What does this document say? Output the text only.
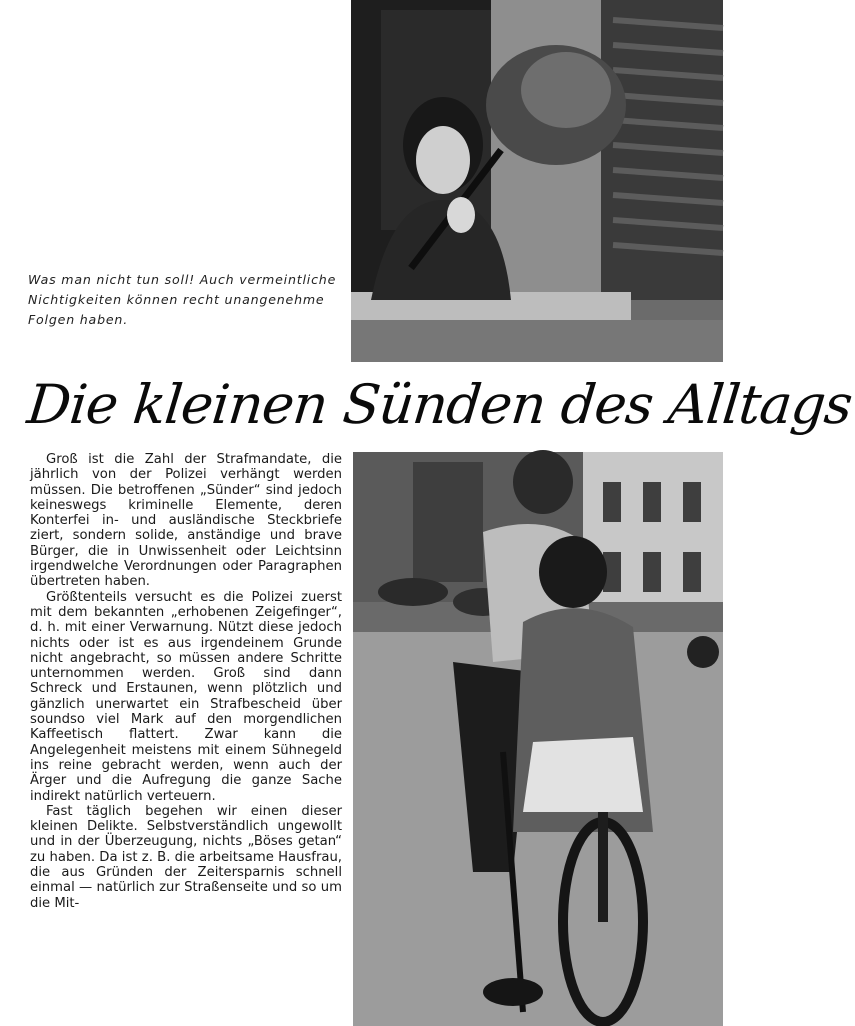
Was man nicht tun soll! Auch vermeintliche Nichtigkeiten können recht unangenehme Folgen haben.
Die kleinen Sünden des Alltags

Groß ist die Zahl der Strafmandate, die jährlich von der Polizei verhängt werden müssen. Die betroffenen „Sünder“ sind jedoch keineswegs kriminelle Elemente, deren Konterfei in- und ausländische Steckbriefe ziert, sondern solide, anständige und brave Bürger, die in Unwissenheit oder Leichtsinn irgendwelche Verordnungen oder Paragraphen übertreten haben.

Größtenteils versucht es die Polizei zuerst mit dem bekannten „erhobenen Zeigefinger“, d. h. mit einer Verwarnung. Nützt diese jedoch nichts oder ist es aus irgendeinem Grunde nicht angebracht, so müssen andere Schritte unternommen werden. Groß sind dann Schreck und Erstaunen, wenn plötzlich und gänzlich unerwartet ein Strafbescheid über soundso viel Mark auf den morgendlichen Kaffeetisch flattert. Zwar kann die Angelegenheit meistens mit einem Sühnegeld ins reine gebracht werden, wenn auch der Ärger und die Aufregung die ganze Sache indirekt natürlich verteuern.

Fast täglich begehen wir einen dieser kleinen Delikte. Selbstverständlich ungewollt und in der Überzeugung, nichts „Böses getan“ zu haben. Da ist z. B. die arbeitsame Hausfrau, die aus Gründen der Zeitersparnis schnell einmal — natürlich zur Straßenseite und so um die Mit-
